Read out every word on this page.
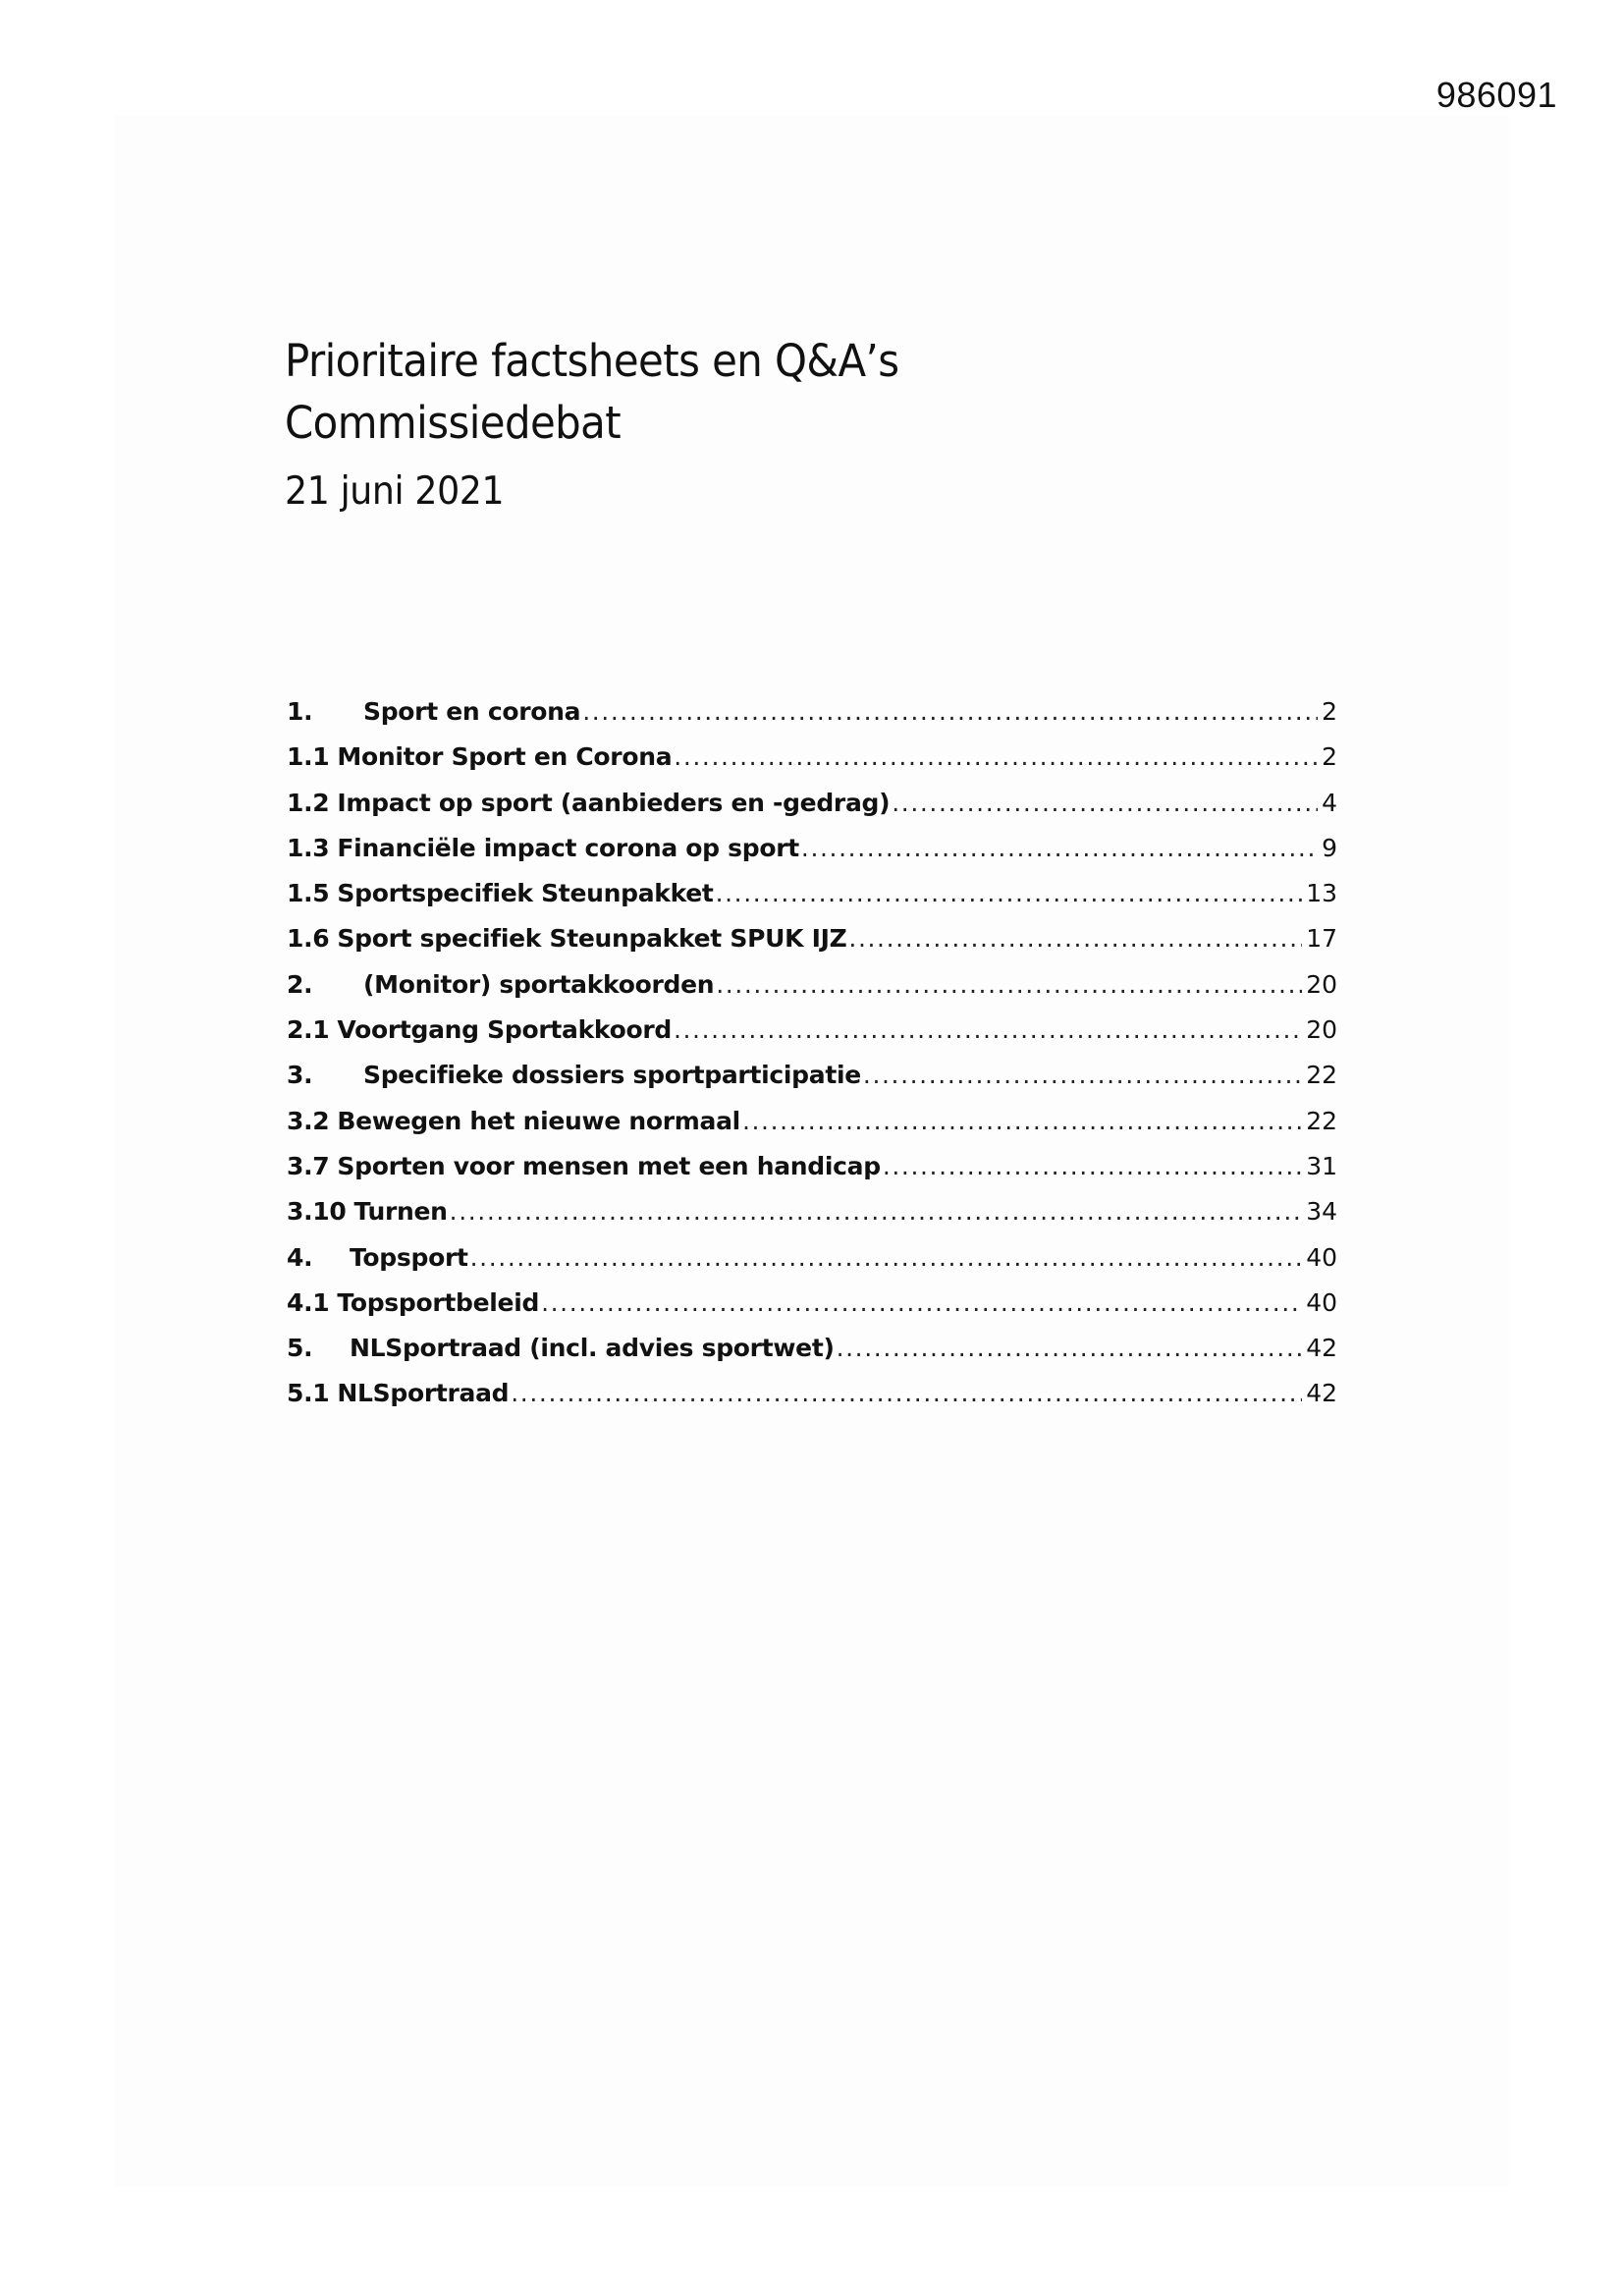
986091
Prioritaire factsheets en Q&A’s
Commissiedebat
21 juni 2021
1.	Sport en corona .....	2
1.1 Monitor Sport en Corona .....	2
1.2 Impact op sport (aanbieders en -gedrag) .....	4
1.3 Financiële impact corona op sport .....	9
1.5 Sportspecifiek Steunpakket .....	13
1.6 Sport specifiek Steunpakket SPUK IJZ .....	17
2.	(Monitor) sportakkoorden .....	20
2.1 Voortgang Sportakkoord .....	20
3.	Specifieke dossiers sportparticipatie .....	22
3.2 Bewegen het nieuwe normaal .....	22
3.7 Sporten voor mensen met een handicap .....	31
3.10 Turnen .....	34
4.	Topsport .....	40
4.1 Topsportbeleid .....	40
5.	NLSportraad (incl. advies sportwet) .....	42
5.1 NLSportraad .....	42
